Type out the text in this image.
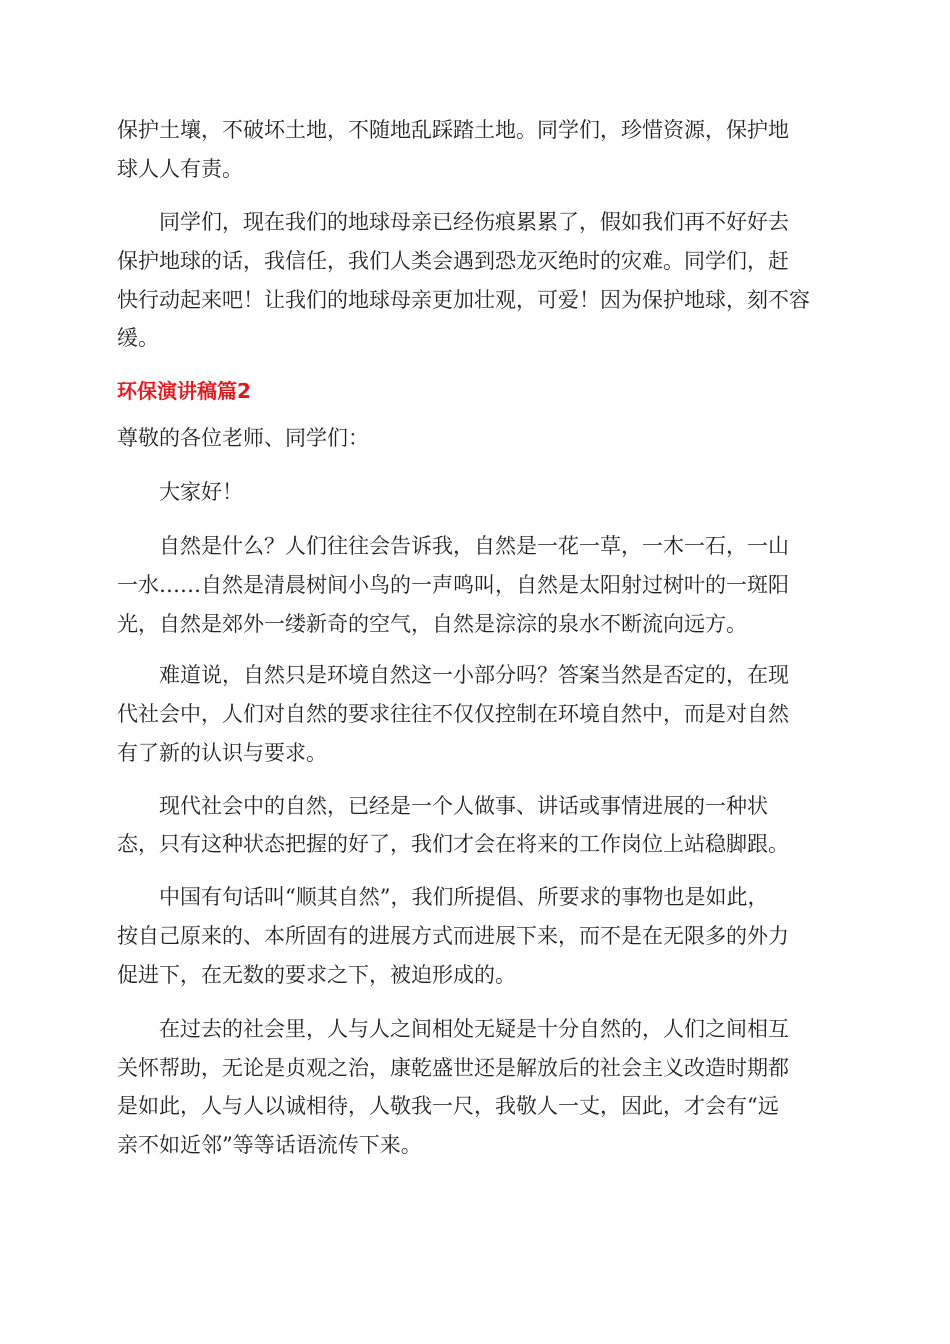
保护土壤，不破坏土地，不随地乱踩踏土地。同学们，珍惜资源，保护地
球人人有责。
　　同学们，现在我们的地球母亲已经伤痕累累了，假如我们再不好好去
保护地球的话，我信任，我们人类会遇到恐龙灭绝时的灾难。同学们，赶
快行动起来吧！让我们的地球母亲更加壮观，可爱！因为保护地球，刻不容
缓。
环保演讲稿篇2
尊敬的各位老师、同学们：
　　大家好！
　　自然是什么？人们往往会告诉我，自然是一花一草，一木一石，一山
一水……自然是清晨树间小鸟的一声鸣叫，自然是太阳射过树叶的一斑阳
光，自然是郊外一缕新奇的空气，自然是淙淙的泉水不断流向远方。
　　难道说，自然只是环境自然这一小部分吗？答案当然是否定的，在现
代社会中，人们对自然的要求往往不仅仅控制在环境自然中，而是对自然
有了新的认识与要求。
　　现代社会中的自然，已经是一个人做事、讲话或事情进展的一种状
态，只有这种状态把握的好了，我们才会在将来的工作岗位上站稳脚跟。
　　中国有句话叫“顺其自然”，我们所提倡、所要求的事物也是如此，
按自己原来的、本所固有的进展方式而进展下来，而不是在无限多的外力
促进下，在无数的要求之下，被迫形成的。
　　在过去的社会里，人与人之间相处无疑是十分自然的，人们之间相互
关怀帮助，无论是贞观之治，康乾盛世还是解放后的社会主义改造时期都
是如此，人与人以诚相待，人敬我一尺，我敬人一丈，因此，才会有“远
亲不如近邻”等等话语流传下来。
